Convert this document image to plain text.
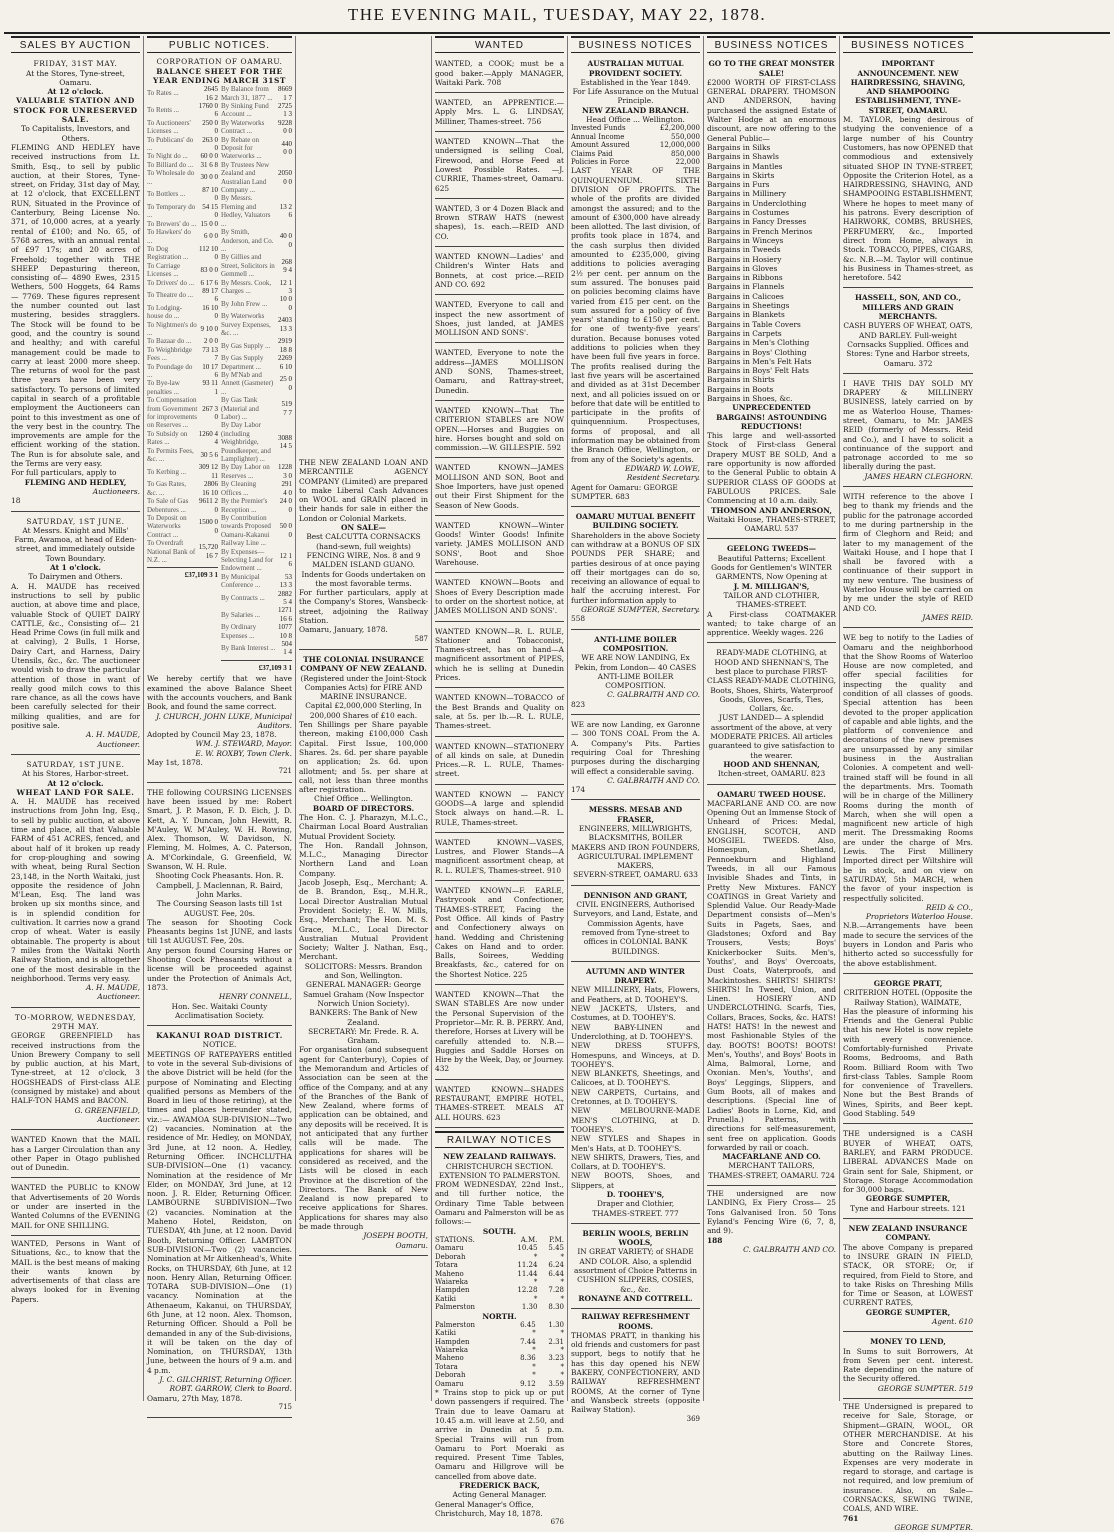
THE EVENING MAIL, TUESDAY, MAY 22, 1878.
SALES BY AUCTION
FRIDAY, 31ST MAY.
At the Stores, Tyne-street, Oamaru.
At 12 o'clock.
VALUABLE STATION AND STOCK FOR UNRESERVED SALE.
To Capitalists, Investors, and Others.
FLEMING AND HEDLEY have received instructions from Lt. Smith, Esq., to sell by public auction, at their Stores, Tyne-street, on Friday, 31st day of May, at 12 o'clock, that EXCELLENT RUN, Situated in the Province of Canterbury, Being License No. 371, of 10,000 acres, at a yearly rental of £100; and No. 65, of 5768 acres, with an annual rental of £97 17s; and 20 acres of Freehold; together with THE SHEEP Depasturing thereon, consisting of— 4890 Ewes, 2315 Wethers, 500 Hoggets, 64 Rams — 7769. These figures represent the number counted out last mustering, besides stragglers. The Stock will be found to be good, and the country is sound and healthy; and with careful management could be made to carry at least 2000 more sheep. The returns of wool for the past three years have been very satisfactory. To persons of limited capital in search of a profitable employment the Auctioneers can point to this investment as one of the very best in the country. The improvements are ample for the efficient working of the station. The Run is for absolute sale, and the Terms are very easy.
For full particulars, apply to
FLEMING AND HEDLEY,
Auctioneers.
18
SATURDAY, 1ST JUNE.
At Messrs. Knight and Mills' Farm, Awamoa, at head of Eden-street, and immediately outside Town Boundary.
At 1 o'clock.
To Dairymen and Others.
A. H. MAUDE has received instructions to sell by public auction, at above time and place, valuable Stock of QUIET DAIRY CATTLE, &c., Consisting of— 21 Head Prime Cows (in full milk and at calving), 2 Bulls, 1 Horse, Dairy Cart, and Harness, Dairy Utensils, &c., &c. The auctioneer would wish to draw the particular attention of those in want of really good milch cows to this rare chance, as all the cows have been carefully selected for their milking qualities, and are for positive sale.
A. H. MAUDE,
Auctioneer.
SATURDAY, 1ST JUNE.
At his Stores, Harbor-street.
At 12 o'clock.
WHEAT LAND FOR SALE.
A. H. MAUDE has received instructions from John Ing, Esq., to sell by public auction, at above time and place, all that Valuable FARM of 451 ACRES, fenced, and about half of it broken up ready for crop-ploughing and sowing with wheat, being Rural Section 23,148, in the North Waitaki, just opposite the residence of John M'Lean, Esq. The land was broken up six months since, and is in splendid condition for cultivation. It carries now a grand crop of wheat. Water is easily obtainable. The property is about 7 miles from the Waitaki North Railway Station, and is altogether one of the most desirable in the neighborhood. Terms very easy.
A. H. MAUDE,
Auctioneer.
TO-MORROW, WEDNESDAY, 29TH MAY.
GEORGE GREENFIELD has received instructions from the Union Brewery Company to sell by public auction, at his Mart, Tyne-street, at 12 o'clock, 3 HOGSHEADS of First-class ALE (consigned by mistake) and about HALF-TON HAMS and BACON.
G. GREENFIELD,
Auctioneer.
WANTED Known that the MAIL has a Larger Circulation than any other Paper in Otago published out of Dunedin.
WANTED the PUBLIC to KNOW that Advertisements of 20 Words or under are inserted in the Wanted Columns of the EVENING MAIL for ONE SHILLING.
WANTED, Persons in Want of Situations, &c., to know that the MAIL is the best means of making their wants known by advertisements of that class are always looked for in Evening Papers.
PUBLIC NOTICES.
CORPORATION OF OAMARU.
BALANCE SHEET FOR THE YEAR ENDING MARCH 31ST
To Rates ...	2645 16 2
To Rents ...	1760 0 6
To Auctioneers' Licenses ...	250 0 0
To Publicans' do ...	263 0 0
To Night do ...	60 0 0
To Billiard do ...	31 6 8
To Wholesale do ...	30 0 0
To Bottlers ...	87 10 0
To Temporary do ...	54 15 0
To Brewers' do ...	15 0 0
To Hawkers' do ...	6 0 0
To Dog Registration ...	112 10 0
To Carriage Licenses ...	83 0 0
To Drivers' do ...	6 17 6
To Theatre do ...	89 17 6
To Lodging-house do ...	16 10 0
To Nightmen's do ...	9 10 0
To Bazaar do ...	2 0 0
To Weighbridge Fees ...	73 13 7
To Poundage do ...	10 17 6
To Bye-law penalties ...	93 11 1
To Compensation from Government for improvements on Reserves ...	267 3 0
To Subsidy on Rates ...	1260 4 4
To Permits Fees, &c. ...	30 5 6
To Kerbing ...	309 12 11
To Gas Rates, &c. ...	2806 16 10
To Sale of Gas Debentures ...	9611 2 0
To Deposit on Waterworks Contract ...	1500 0 0
To Overdraft National Bank of N.Z. ...	15,720 16 7
£37,109 3 1
By Balance from March 31, 1877 ...	8669 1 7
By Sinking Fund Account ...	2725 1 3
By Waterworks Contract ...	9228 0 0
By Rebate on Deposit for Waterworks ...	440 0 0
By Trustees New Zealand and Australian Land Company ...	2050 0 0
By Messrs. Fleming and Hedley, Valuators ...	13 2 6
By Smith, Anderson, and Co. ...	40 0 0
By Gillies and Street, Solicitors in Gemmell ...	268 9 4
By Messrs. Cook, Charges ...	12 1 3
By John Frew ...	10 0 0
By Waterworks Survey Expenses, &c. ...	2403 13 3
By Gas Supply ...	2919 18 8
By Gas Supply Department ...	2269 6 10
By M'Nab and Annett (Gasmeter) ...	25 0 0
By Gas Tank (Material and Labor) ...	519 7 7
By Day Labor (including Weighbridge, Poundkeeper, and Lamplighter) ...	3088 14 5
By Day Labor on Reserves ...	1228 3 0
By Cleaning Offices ...	291 4 0
By the Premier's Reception ...	24 0 0
By Contribution towards Proposed Oamaru-Kakanui Railway Line ...	50 0 0
By Expenses—Selecting Land for Endowment ...	12 1 6
By Municipal Conference ...	53 13 3
By Contracts ...	2882 5 4
By Salaries ...	1271 16 6
By Ordinary Expenses ...	1077 10 8
By Bank Interest ...	504 1 4
£37,109 3 1
We hereby certify that we have examined the above Balance Sheet with the accounts vouchers, and Bank Book, and found the same correct.
J. CHURCH, JOHN LUKE, Municipal Auditors.
Adopted by Council May 23, 1878.
WM. J. STEWARD, Mayor.
E. W. ROXBY, Town Clerk.
May 1st, 1878.
721
THE following COURSING LICENSES have been issued by me: Robert Smart, J. P. Mason, F. D. Eich, J. D. Kett, A. Y. Duncan, John Hewitt, R. M'Auley, W. M'Auley, W. H. Rowing, Alex. Thomson, W. Davidson, N. Fleming, M. Holmes, A. C. Paterson, A. M'Corkindale, G. Greenfield, W. Swanson, W. H. Rule.
Shooting Cock Pheasants. Hon. R. Campbell, J. Maclennan, R. Baird, John Marks.
The Coursing Season lasts till 1st AUGUST. Fee, 20s.
The season for Shooting Cock Pheasants begins 1st JUNE, and lasts till 1st AUGUST. Fee, 20s.
Any person found Coursing Hares or Shooting Cock Pheasants without a license will be proceeded against under the Protection of Animals Act, 1873.
HENRY CONNELL,
Hon. Sec. Waitaki County Acclimatisation Society.
KAKANUI ROAD DISTRICT.
NOTICE.
MEETINGS OF RATEPAYERS entitled to vote in the several Sub-divisions of the above District will be held (for the purpose of Nominating and Electing qualified persons as Members of the Board in lieu of those retiring), at the times and places hereunder stated, viz.:— AWAMOA SUB-DIVISION—Two (2) vacancies. Nomination at the residence of Mr. Hedley, on MONDAY, 3rd June, at 12 noon. A. Hedley, Returning Officer. INCHCLUTHA SUB-DIVISION—One (1) vacancy. Nomination at the residence of Mr Elder, on MONDAY, 3rd June, at 12 noon. J. R. Elder, Returning Officer. LAMBOURNE SUBDIVISION—Two (2) vacancies. Nomination at the Maheno Hotel, Reidston, on TUESDAY, 4th June, at 12 noon. David Booth, Returning Officer. LAMBTON SUB-DIVISION—Two (2) vacancies. Nomination at Mr Aitkenhead's, White Rocks, on THURSDAY, 6th June, at 12 noon. Henry Allan, Returning Officer. TOTARA SUB-DIVISION—One (1) vacancy. Nomination at the Athenaeum, Kakanui, on THURSDAY, 6th June, at 12 noon. Alex. Thomson, Returning Officer. Should a Poll be demanded in any of the Sub-divisions, it will be taken on the day of Nomination, on THURSDAY, 13th June, between the hours of 9 a.m. and 4 p.m.
J. C. GILCHRIST, Returning Officer.
ROBT. GARROW, Clerk to Board.
Oamaru, 27th May, 1878.
715
THE NEW ZEALAND LOAN AND MERCANTILE AGENCY COMPANY (Limited) are prepared to make Liberal Cash Advances on WOOL and GRAIN placed in their hands for sale in either the London or Colonial Markets.
ON SALE—
Best CALCUTTA CORNSACKS (hand-sewn, full weights)
FENCING WIRE, Nos. 8 and 9
MALDEN ISLAND GUANO.
Indents for Goods undertaken on the most favorable terms.
For further particulars, apply at the Company's Stores, Wansbeck-street, adjoining the Railway Station.
Oamaru, January, 1878.
587
THE COLONIAL INSURANCE COMPANY OF NEW ZEALAND.
(Registered under the Joint-Stock Companies Acts) for FIRE AND MARINE INSURANCE.
Capital £2,000,000 Sterling, In 200,000 Shares of £10 each.
Ten Shillings per Share payable thereon, making £100,000 Cash Capital. First Issue, 100,000 Shares. 2s. 6d. per share payable on application; 2s. 6d. upon allotment; and 5s. per share at call, not less than three months after registration.
Chief Office ... Wellington.
BOARD OF DIRECTORS.
The Hon. C. J. Pharazyn, M.L.C., Chairman Local Board Australian Mutual Provident Society.
The Hon. Randall Johnson, M.L.C., Managing Director Northern Land and Loan Company.
Jacob Joseph, Esq., Merchant; A. de B. Brandon, Esq., M.H.R., Local Director Australian Mutual Provident Society; E. W. Mills, Esq., Merchant; The Hon. M. S. Grace, M.L.C., Local Director Australian Mutual Provident Society; Walter J. Nathan, Esq., Merchant.
SOLICITORS: Messrs. Brandon and Son, Wellington.
GENERAL MANAGER: George Samuel Graham (Now Inspector Norwich Union Society).
BANKERS: The Bank of New Zealand.
SECRETARY: Mr. Frede. R. A. Graham.
For organisation (and subsequent agent for Canterbury), Copies of the Memorandum and Articles of Association can be seen at the office of the Company, and at any of the Branches of the Bank of New Zealand, where forms of application can be obtained, and any deposits will be received. It is not anticipated that any further calls will be made. The applications for shares will be considered as received, and the Lists will be closed in each Province at the discretion of the Directors. The Bank of New Zealand is now prepared to receive applications for Shares. Applications for shares may also be made through
JOSEPH BOOTH,
Oamaru.
WANTED
WANTED, a COOK; must be a good baker.—Apply MANAGER, Waitaki Park. 708
WANTED, an APPRENTICE.—Apply Mrs. L. G. LINDSAY, Milliner, Thames-street. 756
WANTED KNOWN—That the undersigned is selling Coal, Firewood, and Horse Feed at Lowest Possible Rates. —J. CURRIE, Thames-street, Oamaru. 625
WANTED, 3 or 4 Dozen Black and Brown STRAW HATS (newest shapes), 1s. each.—REID AND CO.
WANTED KNOWN—Ladies' and Children's Winter Hats and Bonnets, at cost price.—REID AND CO. 692
WANTED, Everyone to call and inspect the new assortment of Shoes, just landed, at JAMES MOLLISON AND SONS'.
WANTED, Everyone to note the address—JAMES MOLLISON AND SONS, Thames-street, Oamaru, and Rattray-street, Dunedin.
WANTED KNOWN—That The CRITERION STABLES are NOW OPEN.—Horses and Buggies on hire. Horses bought and sold on commission.—W. GILLESPIE. 592
WANTED KNOWN—JAMES MOLLISON AND SON, Boot and Shoe Importers, have just opened out their First Shipment for the Season of New Goods.
WANTED KNOWN—Winter Goods! Winter Goods! Infinite variety. JAMES MOLLISON AND SONS', Boot and Shoe Warehouse.
WANTED KNOWN—Boots and Shoes of Every Description made to order on the shortest notice, at JAMES MOLLISON AND SONS'.
WANTED KNOWN—R. L. RULE, Stationer and Tobacconist, Thames-street, has on hand—A magnificent assortment of PIPES, which he is selling at Dunedin Prices.
WANTED KNOWN—TOBACCO of the Best Brands and Quality on sale, at 5s. per lb.—R. L. RULE, Thames-street.
WANTED KNOWN—STATIONERY of all kinds on sale, at Dunedin Prices.—R. L. RULE, Thames-street.
WANTED KNOWN — FANCY GOODS—A large and splendid Stock always on hand.—R. L. RULE, Thames-street.
WANTED KNOWN—VASES, Lustres, and Flower Stands—A magnificent assortment cheap, at R. L. RULE'S, Thames-street. 910
WANTED KNOWN—F. EARLE, Pastrycook and Confectioner, THAMES-STREET, Facing the Post Office. All kinds of Pastry and Confectionery always on hand. Wedding and Christening Cakes on Hand and to order. Balls, Soirees, Wedding Breakfasts, &c., catered for on the Shortest Notice. 225
WANTED KNOWN—That the SWAN STABLES Are now under the Personal Supervision of the Proprietor—Mr. R. B. PERRY. And, therefore, Horses at Livery will be carefully attended to. N.B.—Buggies and Saddle Horses on Hire by the Week, Day, or Journey. 432
WANTED KNOWN—SHADES RESTAURANT, EMPIRE HOTEL, THAMES-STREET. MEALS AT ALL HOURS. 623
RAILWAY NOTICES
NEW ZEALAND RAILWAYS.
CHRISTCHURCH SECTION.
EXTENSION TO PALMERSTON.
FROM WEDNESDAY, 22nd Inst., and till further notice, the Ordinary Time Table between Oamaru and Palmerston will be as follows:—
SOUTH.
STATIONS.	A.M.	P.M.
Oamaru	10.45	5.45
Deborah	*	*
Totara	11.24	6.24
Maheno	11.44	6.44
Waiareka	*	*
Hampden	12.28	7.28
Katiki	*	*
Palmerston	1.30	8.30
NORTH.
Palmerston	6.45	1.30
Katiki	*	*
Hampden	7.44	2.31
Waiareka	*	*
Maheno	8.36	3.23
Totara	*	*
Deborah	*	*
Oamaru	9.12	3.59
* Trains stop to pick up or put down passengers if required. The Train due to leave Oamaru at 10.45 a.m. will leave at 2.50, and arrive in Dunedin at 5 p.m. Special Trains will run from Oamaru to Port Moeraki as required. Present Time Tables, Oamaru and Hillgrove will be cancelled from above date.
FREDERICK BACK,
Acting General Manager.
General Manager's Office, Christchurch, May 18, 1878.
676
BUSINESS NOTICES
AUSTRALIAN MUTUAL PROVIDENT SOCIETY.
Established in the Year 1849.
For Life Assurance on the Mutual Principle.
NEW ZEALAND BRANCH.
Head Office ... Wellington.
Invested Funds	£2,200,000
Annual Income	550,000
Amount Assured	12,000,000
Claims Paid	850,000
Policies in Force	22,000
LAST YEAR OF THE QUINQUENNIUM. SIXTH DIVISION OF PROFITS. The whole of the profits are divided amongst the assured; and to the amount of £300,000 have already been allotted. The last division, of profits took place in 1874, and the cash surplus then divided amounted to £235,000, giving additions to policies averaging 2½ per cent. per annum on the sum assured. The bonuses paid on policies becoming claims have varied from £15 per cent. on the sum assured for a policy of five years' standing to £150 per cent. for one of twenty-five years' duration. Because bonuses voted additions to policies when they have been full five years in force. The profits realised during the last five years will be ascertained and divided as at 31st December next, and all policies issued on or before that date will be entitled to participate in the profits of quinquennium. Prospectuses, forms of proposal, and all information may be obtained from the Branch Office, Wellington, or from any of the Society's agents.
EDWARD W. LOWE,
Resident Secretary.
Agent for Oamaru: GEORGE SUMPTER. 683
OAMARU MUTUAL BENEFIT BUILDING SOCIETY.
Shareholders in the above Society can withdraw at a BONUS OF SIX POUNDS PER SHARE; and parties desirous of at once paying off their mortgages can do so, receiving an allowance of equal to half the accruing interest. For further information apply to
GEORGE SUMPTER, Secretary.
558
ANTI-LIME BOILER COMPOSITION.
WE ARE NOW LANDING, Ex Pekin, from London— 40 CASES ANTI-LIME BOILER COMPOSITION.
C. GALBRAITH AND CO.
823
WE are now Landing, ex Garonne— 300 TONS COAL From the A. A. Company's Pits. Parties requiring Coal for Threshing purposes during the discharging will effect a considerable saving.
C. GALBRAITH AND CO.
174
MESSRS. MESAB AND FRASER,
ENGINEERS, MILLWRIGHTS, BLACKSMITHS, BOILER MAKERS AND IRON FOUNDERS, AGRICULTURAL IMPLEMENT MAKERS,
SEVERN-STREET, OAMARU. 633
DENNISON AND GRANT,
CIVIL ENGINEERS, Authorised Surveyors, and Land, Estate, and Commission Agents, have removed from Tyne-street to offices in COLONIAL BANK BUILDINGS.
AUTUMN AND WINTER DRAPERY.
NEW MILLINERY, Hats, Flowers, and Feathers, at D. TOOHEY'S.
NEW JACKETS, Ulsters, and Costumes, at D. TOOHEY'S.
NEW BABY-LINEN and Underclothing, at D. TOOHEY'S.
NEW DRESS STUFFS, Homespuns, and Winceys, at D. TOOHEY'S.
NEW BLANKETS, Sheetings, and Calicoes, at D. TOOHEY'S.
NEW CARPETS, Curtains, and Cretonnes, at D. TOOHEY'S.
NEW MELBOURNE-MADE MEN'S CLOTHING, at D. TOOHEY'S.
NEW STYLES and Shapes in Men's Hats, at D. TOOHEY'S.
NEW SHIRTS, Drawers, Ties, and Collars, at D. TOOHEY'S.
NEW BOOTS, Shoes, and Slippers, at
D. TOOHEY'S,
Draper and Clothier,
THAMES-STREET. 777
BERLIN WOOLS, BERLIN WOOLS,
IN GREAT VARIETY; of SHADE AND COLOR. Also, a splendid assortment of Choice Patterns in CUSHION SLIPPERS, COSIES, &c., &c.
RONAYNE AND COTTRELL.
RAILWAY REFRESHMENT ROOMS.
THOMAS PRATT, in thanking his old friends and customers for past support, begs to notify that he has this day opened his NEW BAKERY, CONFECTIONERY, AND RAILWAY REFRESHMENT ROOMS, At the corner of Tyne and Wansbeck streets (opposite Railway Station).
369
BUSINESS NOTICES
GO TO THE GREAT MONSTER SALE!
£2000 WORTH OF FIRST-CLASS GENERAL DRAPERY. THOMSON AND ANDERSON, having purchased the assigned Estate of Walter Hodge at an enormous discount, are now offering to the General Public—
Bargains in Silks
Bargains in Shawls
Bargains in Mantles
Bargains in Skirts
Bargains in Furs
Bargains in Millinery
Bargains in Underclothing
Bargains in Costumes
Bargains in Fancy Dresses
Bargains in French Merinos
Bargains in Winceys
Bargains in Tweeds
Bargains in Hosiery
Bargains in Gloves
Bargains in Ribbons
Bargains in Flannels
Bargains in Calicoes
Bargains in Sheetings
Bargains in Blankets
Bargains in Table Covers
Bargains in Carpets
Bargains in Men's Clothing
Bargains in Boys' Clothing
Bargains in Men's Felt Hats
Bargains in Boys' Felt Hats
Bargains in Shirts
Bargains in Boots
Bargains in Shoes, &c.
UNPRECEDENTED BARGAINS! ASTOUNDING REDUCTIONS!
This large and well-assorted Stock of First-class General Drapery MUST BE SOLD, And a rare opportunity is now afforded to the General Public to obtain A SUPERIOR CLASS OF GOODS at FABULOUS PRICES. Sale Commencing at 10 a.m. daily.
THOMSON AND ANDERSON,
Waitaki House, THAMES-STREET, OAMARU. 537
GEELONG TWEEDS—
Beautiful Patterns; Excellent Goods for Gentlemen's WINTER GARMENTS, Now Opening at
J. M. MILLIGAN'S,
TAILOR AND CLOTHIER,
THAMES-STREET.
A First-class COATMAKER wanted; to take charge of an apprentice. Weekly wages. 226
READY-MADE CLOTHING, at HOOD AND SHENNAN'S, The best place to purchase FIRST-CLASS READY-MADE CLOTHING, Boots, Shoes, Shirts, Waterproof Goods, Gloves, Scarfs, Ties, Collars, &c.
JUST LANDED— A splendid assortment of the above, at very MODERATE PRICES. All articles guaranteed to give satisfaction to the wearer.
HOOD AND SHENNAN,
Itchen-street, OAMARU. 823
OAMARU TWEED HOUSE.
MACFARLANE AND CO. are now Opening Out an Immense Stock of Unheard of Prices: Medal, ENGLISH, SCOTCH, AND MOSGIEL TWEEDS. Also, Homespun, Shetland, Pennoekburn and Highland Tweeds, in all our Famous Invisible Shades and Tints, in Pretty New Mixtures. FANCY COATINGS in Great Variety and Splendid Value. Our Ready-Made Department consists of—Men's Suits in Pagets, Saes, and Gladstones; Oxford and Bay Trousers, Vests; Boys' Knickerbocker Suits. Men's, Youths', and Boys' Overcoats, Dust Coats, Waterproofs, and Mackintoshes. SHIRTS! SHIRTS! SHIRTS! In Tweed, Union, and Linen. HOSIERY AND UNDERCLOTHING. Scarfs, Ties, Collars, Braces, Socks, &c. HATS! HATS! HATS! In the newest and most Fashionable Styles of the day. BOOTS! BOOTS! BOOTS! Men's, Youths', and Boys' Boots in Alma, Balmoral, Lorne, and Oxonian. Men's, Youths', and Boys' Leggings, Slippers, and Gum Boots, all of makes and descriptions. (Special line of Ladies' Boots in Lorne, Kid, and Prunella.) Patterns, with directions for self-measurement, sent free on application. Goods forwarded by rail or coach.
MACFARLANE AND CO.
MERCHANT TAILORS,
THAMES-STREET, OAMARU. 724
THE undersigned are now LANDING, Ex Fiery Cross— 25 Tons Galvanised Iron. 50 Tons Eyland's Fencing Wire (6, 7, 8, and 9).
188
C. GALBRAITH AND CO.
BUSINESS NOTICES
IMPORTANT ANNOUNCEMENT. NEW HAIRDRESSING, SHAVING, AND SHAMPOOING ESTABLISHMENT, TYNE-STREET, OAMARU.
M. TAYLOR, being desirous of studying the convenience of a large number of his Country Customers, has now OPENED that commodious and extensively situated SHOP IN TYNE-STREET, Opposite the Criterion Hotel, as a HAIRDRESSING, SHAVING, AND SHAMPOOING ESTABLISHMENT, Where he hopes to meet many of his patrons. Every description of HAIRWORK, COMBS, BRUSHES, PERFUMERY, &c., Imported direct from Home, always in Stock. TOBACCO, PIPES, CIGARS, &c. N.B.—M. Taylor will continue his Business in Thames-street, as heretofore. 542
HASSELL, SON, AND CO., MILLERS AND GRAIN MERCHANTS.
CASH BUYERS OF WHEAT, OATS, AND BARLEY. Full-weight Cornsacks Supplied. Offices and Stores: Tyne and Harbor streets, Oamaru. 372
I HAVE THIS DAY SOLD MY DRAPERY & MILLINERY BUSINESS, lately carried on by me as Waterloo House, Thames-street, Oamaru, to Mr. JAMES REID (formerly of Messrs. Reid and Co.), and I have to solicit a continuance of the support and patronage accorded to me so liberally during the past.
JAMES HEARN CLEGHORN.
WITH reference to the above I beg to thank my friends and the public for the patronage accorded to me during partnership in the firm of Cleghorn and Reid; and later to my management of the Waitaki House, and I hope that I shall be favored with a continuance of their support in my new venture. The business of Waterloo House will be carried on by me under the style of REID AND CO.
JAMES REID.
WE beg to notify to the Ladies of Oamaru and the neighborhood that the Show Rooms of Waterloo House are now completed, and offer special facilities for inspecting the quality and condition of all classes of goods. Special attention has been devoted to the proper application of capable and able lights, and the platform of convenience and decorations of the new premises are unsurpassed by any similar business in the Australian Colonies. A competent and well-trained staff will be found in all the departments. Mrs. Toomath will be in charge of the Millinery Rooms during the month of March, when she will open a magnificent new article of high merit. The Dressmaking Rooms are under the charge of Mrs. Lewis. The First Millinery Imported direct per Wiltshire will be in stock, and on view on SATURDAY, 5th MARCH, when the favor of your inspection is respectfully solicited.
REID & CO.,
Proprietors Waterloo House.
N.B.—Arrangements have been made to secure the services of the buyers in London and Paris who hitherto acted so successfully for the above establishment.
GEORGE PRATT,
CRITERION HOTEL (Opposite the Railway Station), WAIMATE,
Has the pleasure of informing his Friends and the General Public that his new Hotel is now replete with every convenience. Comfortably-furnished Private Rooms, Bedrooms, and Bath Room. Billiard Room with Two first-class Tables. Sample Room for convenience of Travellers. None but the Best Brands of Wines, Spirits, and Beer kept. Good Stabling. 549
THE undersigned is a CASH BUYER of WHEAT, OATS, BARLEY, and FARM PRODUCE. LIBERAL ADVANCES Made on Grain sent for Sale, Shipment, or Storage. Storage Accommodation for 30,000 bags.
GEORGE SUMPTER,
Tyne and Harbour streets. 121
NEW ZEALAND INSURANCE COMPANY.
The above Company is prepared to INSURE GRAIN IN FIELD, STACK, OR STORE; Or, if required, from Field to Store, and to take Risks on Threshing Mills for Time or Season, at LOWEST CURRENT RATES,
GEORGE SUMPTER,
Agent. 610
MONEY TO LEND,
In Sums to suit Borrowers, At from Seven per cent. interest. Rate depending on the nature of the Security offered.
GEORGE SUMPTER. 519
THE Undersigned is prepared to receive for Sale, Storage, or Shipment—GRAIN, WOOL, OR OTHER MERCHANDISE. At his Store and Concrete Stores, abutting on the Railway Lines. Expenses are very moderate in regard to storage, and cartage is not required, and low premium of insurance. Also, on Sale—CORNSACKS, SEWING TWINE, COALS, AND WIRE.
761
GEORGE SUMPTER.
